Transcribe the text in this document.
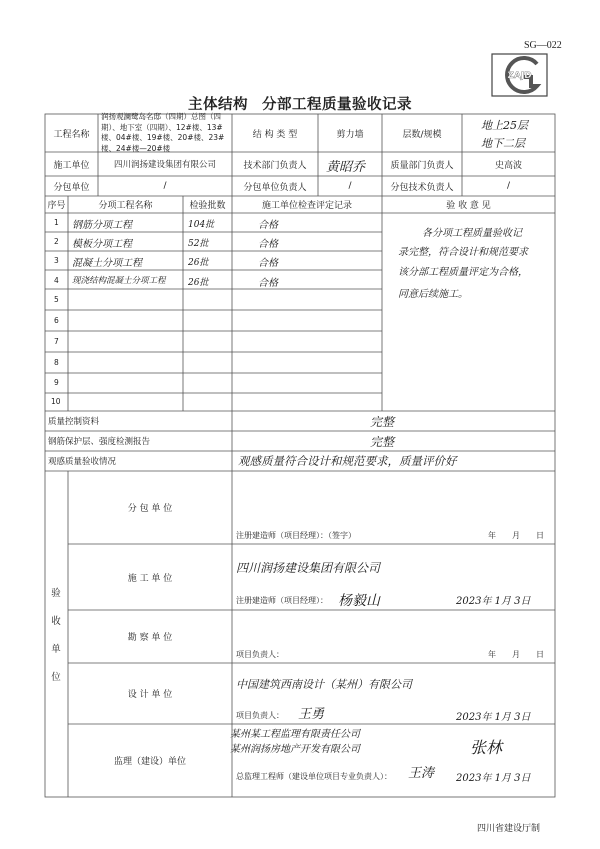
SG—022
ZAJD
主体结构 分部工程质量验收记录
工程名称
润扬观澜鹭岛名邸（四期）总图（四期）、地下室（四期）、12#楼、13#楼、04#楼、19#楼、20#楼、23#楼、24#楼—20#楼
结 构 类 型	剪力墙	层数/规模
地上25层
地下二层
施工单位	四川润扬建设集团有限公司	技术部门负责人	黄昭乔	质量部门负责人	史高波
分包单位	/	分包单位负责人	/	分包技术负责人	/
序号	分项工程名称	检验批数	施工单位检查评定记录	验 收 意 见
1 钢筋分项工程	104批	合格
2 模板分项工程	52批	合格
3 混凝土分项工程	26批	合格
4 现浇结构混凝土分项工程 26批	合格
5
6
7
8
9
10
各分项工程质量验收记
录完整，符合设计和规范要求
该分部工程质量评定为合格，
同意后续施工。
质量控制资料	完整
钢筋保护层、强度检测报告	完整
观感质量验收情况	观感质量符合设计和规范要求，质量评价好
验
收
单
位
分 包 单 位
注册建造师（项目经理）：（签字）	年　　月　　日
施 工 单 位
四川润扬建设集团有限公司
注册建造师（项目经理）： 杨毅山	2023年 1月 3日
勘 察 单 位
项目负责人：	年　　月　　日
设 计 单 位
中国建筑西南设计（某州）有限公司
项目负责人： 王勇	2023年 1月 3日
监理（建设）单位
某州某工程监理有限责任公司
某州润扬房地产开发有限公司
总监理工程师（建设单位项目专业负责人）： 王涛
张林
2023年 1月 3日
四川省建设厅制
